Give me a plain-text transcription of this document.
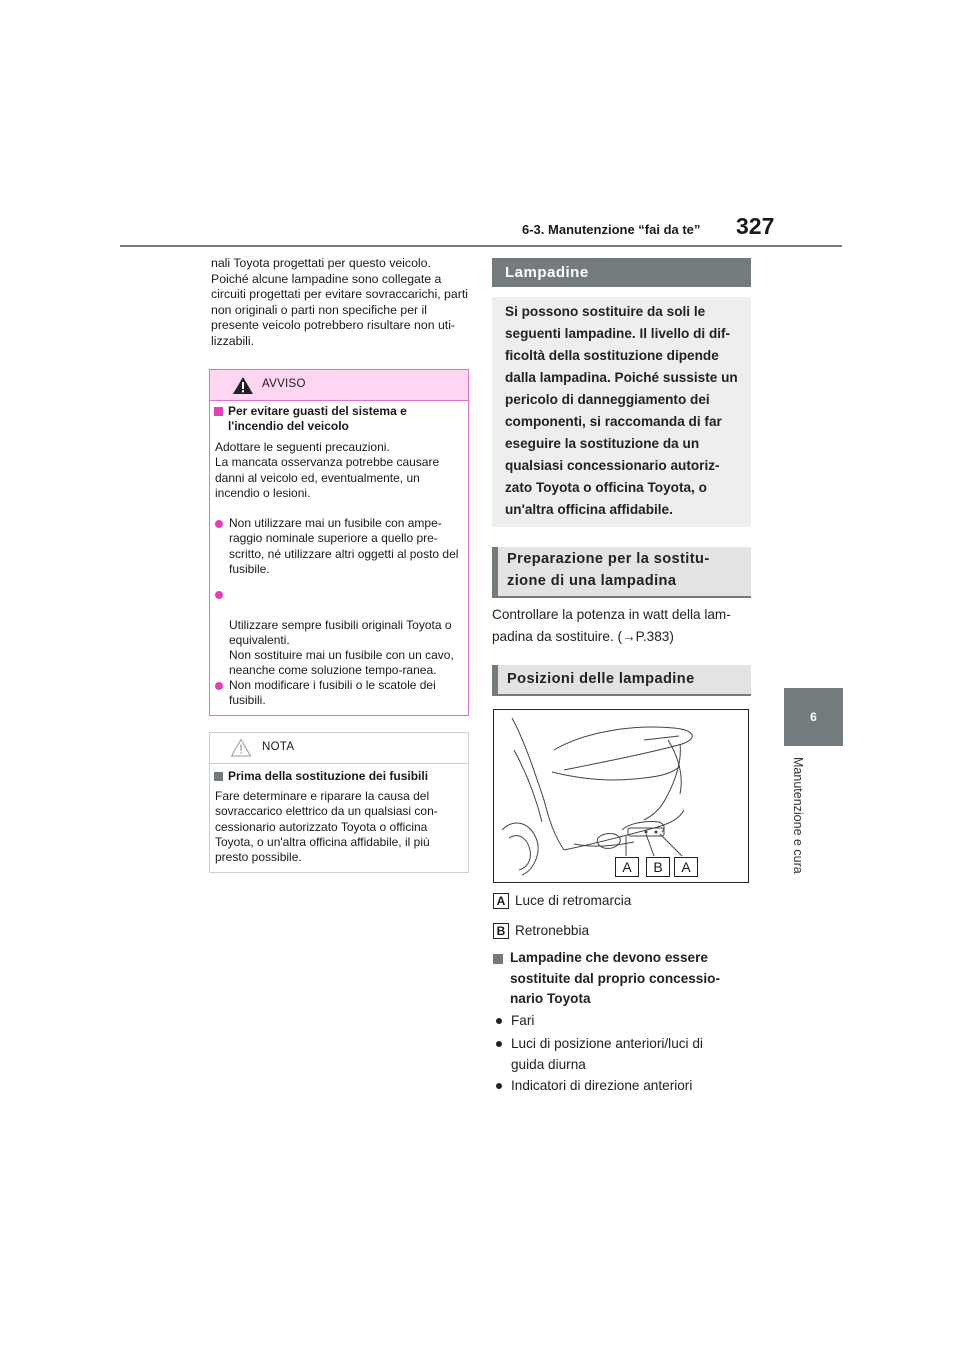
6-3. Manutenzione “fai da te” 327
6
Manutenzione e cura
nali Toyota progettati per questo veicolo. Poiché alcune lampadine sono collegate a circuiti progettati per evitare sovraccarichi, parti non originali o parti non specifiche per il presente veicolo potrebbero risultare non uti-lizzabili.
AVVISO
Per evitare guasti del sistema e l'incendio del veicolo
Adottare le seguenti precauzioni.
La mancata osservanza potrebbe causare danni al veicolo ed, eventualmente, un incendio o lesioni.
Non utilizzare mai un fusibile con ampe-raggio nominale superiore a quello pre-scritto, né utilizzare altri oggetti al posto del fusibile.

Utilizzare sempre fusibili originali Toyota o equivalenti.
Non sostituire mai un fusibile con un cavo, neanche come soluzione tempo-ranea.

Non modificare i fusibili o le scatole dei fusibili.
NOTA
Prima della sostituzione dei fusibili
Fare determinare e riparare la causa del sovraccarico elettrico da un qualsiasi con-cessionario autorizzato Toyota o officina Toyota, o un'altra officina affidabile, il più presto possibile.
Lampadine
Si possono sostituire da soli le seguenti lampadine. Il livello di dif-ficoltà della sostituzione dipende dalla lampadina. Poiché sussiste un pericolo di danneggiamento dei componenti, si raccomanda di far eseguire la sostituzione da un qualsiasi concessionario autoriz-zato Toyota o officina Toyota, o un'altra officina affidabile.
Preparazione per la sostitu-
zione di una lampadina
Controllare la potenza in watt della lam-
padina da sostituire. (→P.383)
Posizioni delle lampadine
A	B	A
A Luce di retromarcia
B Retronebbia
Lampadine che devono essere sostituite dal proprio concessio-nario Toyota
Fari
Luci di posizione anteriori/luci di guida diurna
Indicatori di direzione anteriori
